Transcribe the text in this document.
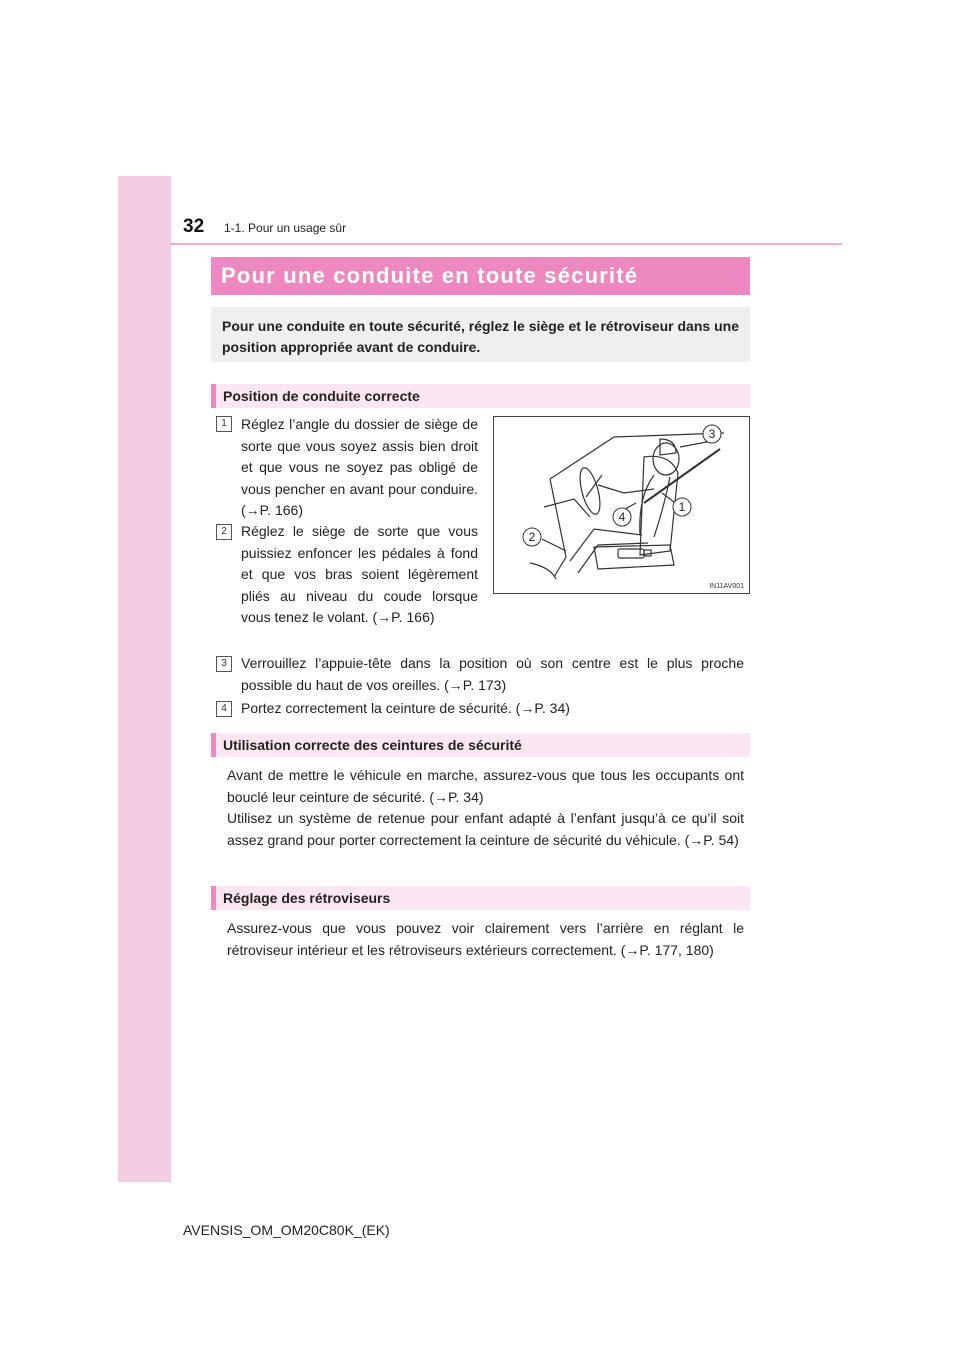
32 1-1. Pour un usage sûr
Pour une conduite en toute sécurité
Pour une conduite en toute sécurité, réglez le siège et le rétroviseur dans une position appropriée avant de conduire.
Position de conduite correcte
1	Réglez l’angle du dossier de siège de sorte que vous soyez assis bien droit et que vous ne soyez pas obligé de vous pencher en avant pour conduire. (→P. 166)
2	Réglez le siège de sorte que vous puissiez enfoncer les pédales à fond et que vos bras soient légèrement pliés au niveau du coude lorsque vous tenez le volant. (→P. 166)
3
1
4
2
IN11AV001
3	Verrouillez l’appuie-tête dans la position où son centre est le plus proche possible du haut de vos oreilles. (→P. 173)
4	Portez correctement la ceinture de sécurité. (→P. 34)
Utilisation correcte des ceintures de sécurité
Avant de mettre le véhicule en marche, assurez-vous que tous les occupants ont bouclé leur ceinture de sécurité. (→P. 34)
Utilisez un système de retenue pour enfant adapté à l’enfant jusqu’à ce qu’il soit assez grand pour porter correctement la ceinture de sécurité du véhicule. (→P. 54)
Réglage des rétroviseurs
Assurez-vous que vous pouvez voir clairement vers l’arrière en réglant le rétroviseur intérieur et les rétroviseurs extérieurs correctement. (→P. 177, 180)
AVENSIS_OM_OM20C80K_(EK)
